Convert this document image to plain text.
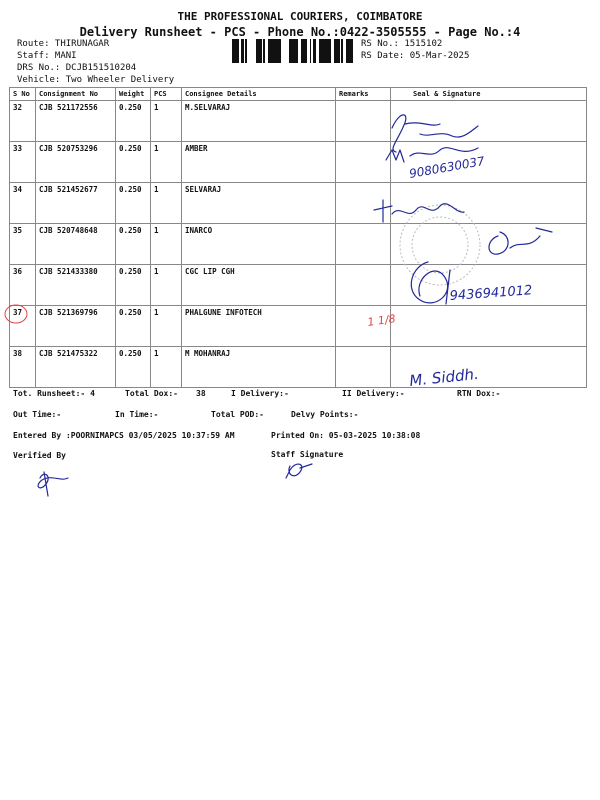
THE PROFESSIONAL COURIERS, COIMBATORE
Delivery Runsheet - PCS - Phone No.:0422-3505555 - Page No.:4
Route: THIRUNAGAR
Staff: MANI
DRS No.: DCJB151510204
Vehicle: Two Wheeler Delivery
RS No.: 1515102
RS Date: 05-Mar-2025
S No	Consignment No	Weight	PCS	Consignee Details	Remarks	Seal & Signature
32	CJB 521172556	0.250	1	M.SELVARAJ		
33	CJB 520753296	0.250	1	AMBER		
34	CJB 521452677	0.250	1	SELVARAJ		
35	CJB 520748648	0.250	1	INARCO		
36	CJB 521433380	0.250	1	CGC LIP CGH		
37	CJB 521369796	0.250	1	PHALGUNE INFOTECH		
38	CJB 521475322	0.250	1	M MOHANRAJ		
9080630037
9436941012
1 1/8
M. Siddh.
Tot. Runsheet:- 4	Total Dox:- 38	I Delivery:-	II Delivery:-	RTN Dox:-
Out Time:-	In Time:-	Total POD:-	Delvy Points:-
Entered By :POORNIMAPCS 03/05/2025 10:37:59 AM	Printed On: 05-03-2025 10:38:08
Verified By	Staff Signature
